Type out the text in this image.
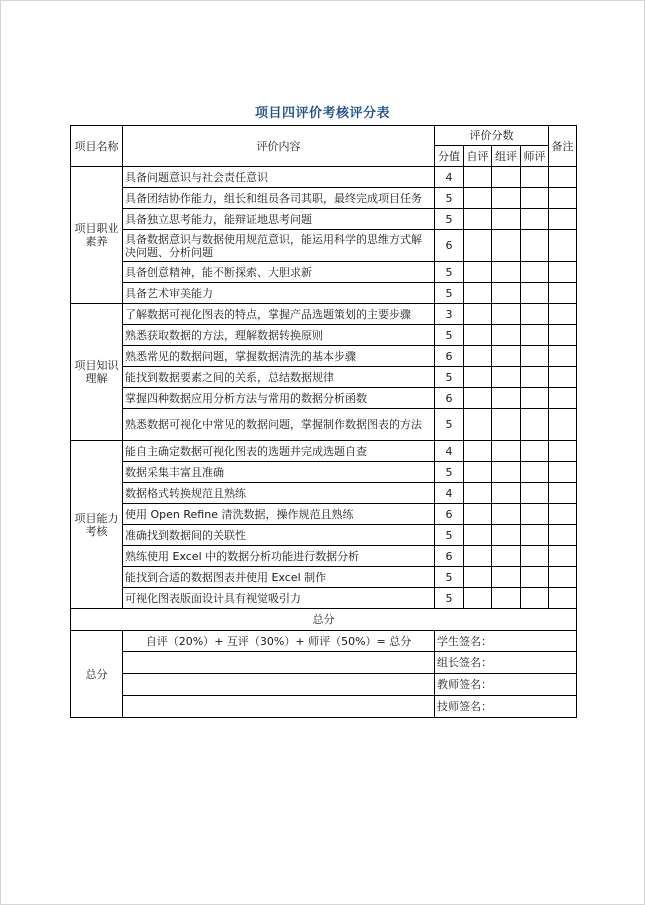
项目四评价考核评分表
项目名称	评价内容	评价分数				备注
		分值	自评	组评	师评	
项目职业素养	具备问题意识与社会责任意识	4				
	具备团结协作能力，组长和组员各司其职，最终完成项目任务	5				
	具备独立思考能力，能辩证地思考问题	5				
	具备数据意识与数据使用规范意识，能运用科学的思维方式解决问题、分析问题	6				
	具备创意精神，能不断探索、大胆求新	5				
	具备艺术审美能力	5				
项目知识理解	了解数据可视化图表的特点，掌握产品选题策划的主要步骤	3				
	熟悉获取数据的方法，理解数据转换原则	5				
	熟悉常见的数据问题，掌握数据清洗的基本步骤	6				
	能找到数据要素之间的关系，总结数据规律	5				
	掌握四种数据应用分析方法与常用的数据分析函数	6				
	熟悉数据可视化中常见的数据问题，掌握制作数据图表的方法	5				
项目能力考核	能自主确定数据可视化图表的选题并完成选题自查	4				
	数据采集丰富且准确	5				
	数据格式转换规范且熟练	4				
	使用 Open Refine 清洗数据，操作规范且熟练	6				
	准确找到数据间的关联性	5				
	熟练使用 Excel 中的数据分析功能进行数据分析	6				
	能找到合适的数据图表并使用 Excel 制作	5				
	可视化图表版面设计具有视觉吸引力	5				
总分						
总分	自评（20%）+ 互评（30%）+ 师评（50%）= 总分	学生签名：				
		组长签名：				
		教师签名：				
		技师签名：				
